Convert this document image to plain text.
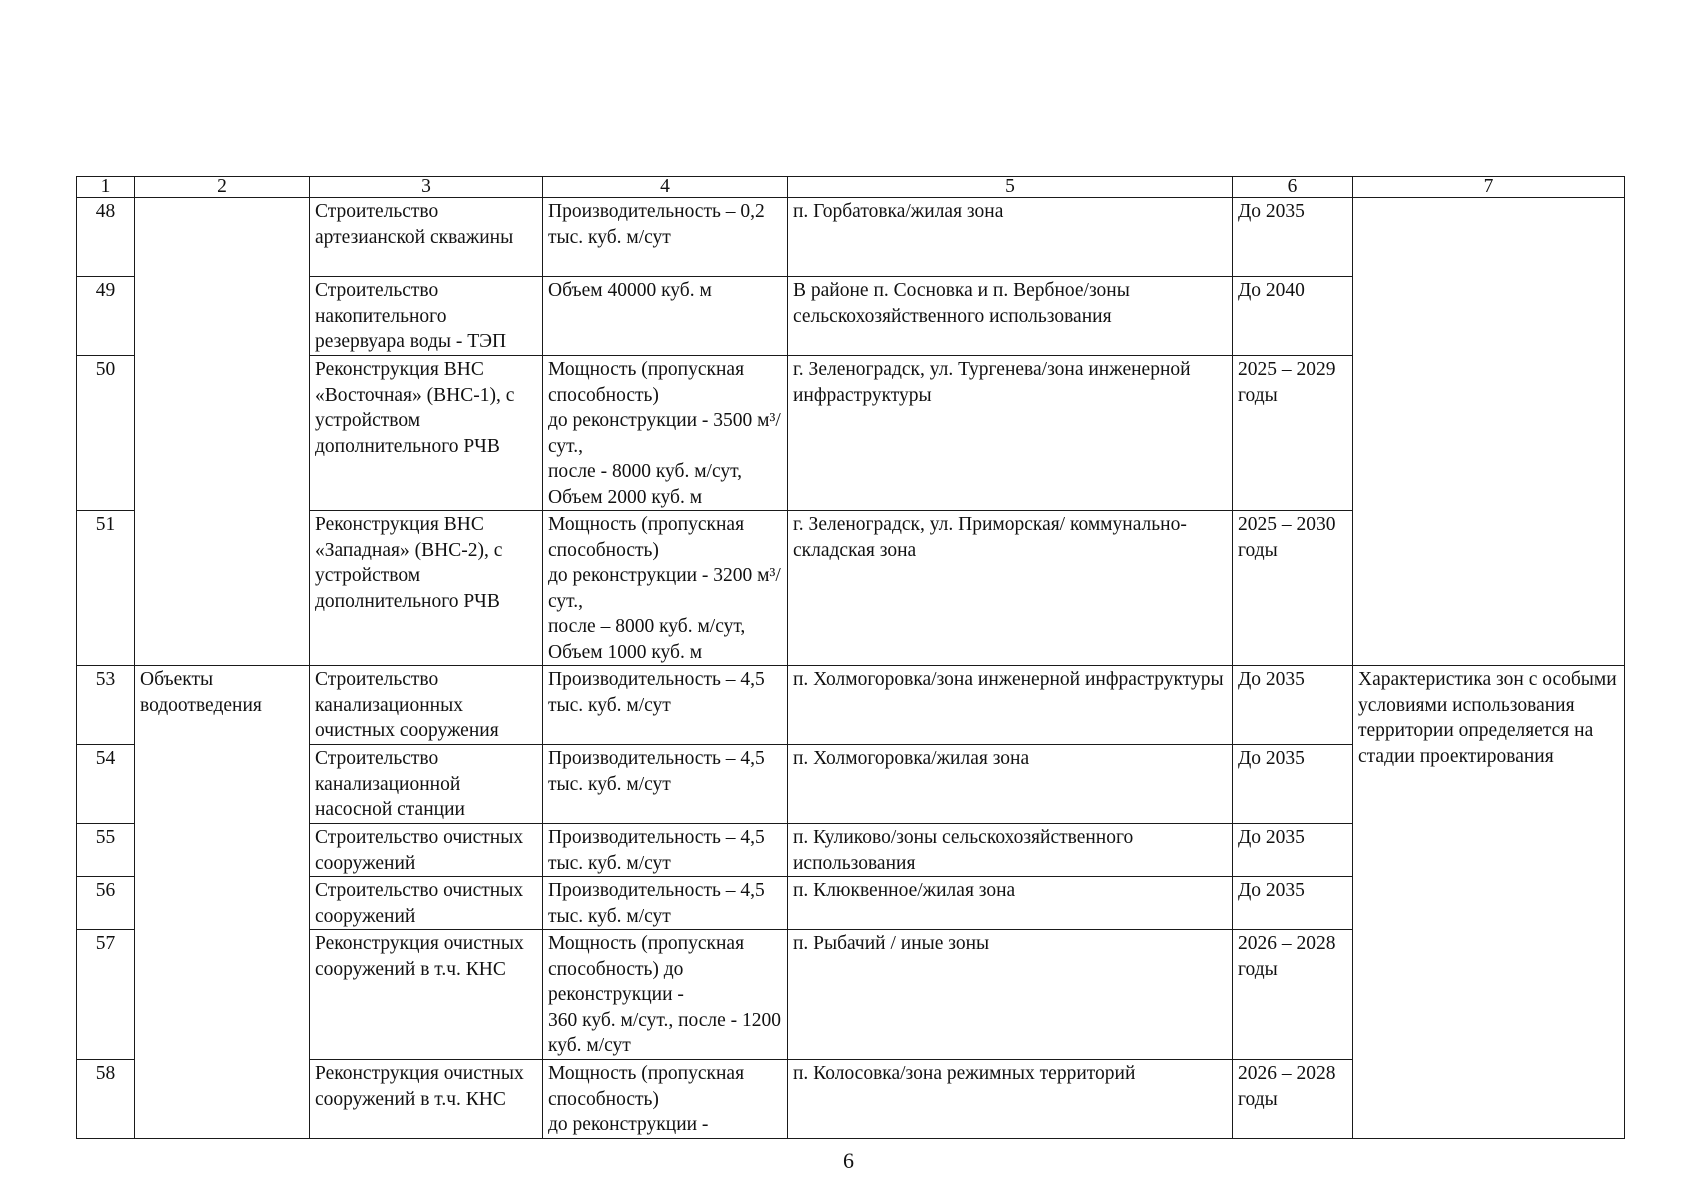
1	2	3	4	5	6	7
48		Строительство артезианской скважины	Производительность – 0,2 тыс. куб. м/сут	п. Горбатовка/жилая зона	До 2035	

49		Строительство накопительного резервуара воды - ТЭП	Объем 40000 куб. м	В районе п. Сосновка и п. Вербное/зоны сельскохозяйственного использования	До 2040	

50		Реконструкция ВНС «Восточная» (ВНС-1), с устройством дополнительного РЧВ	Мощность (пропускная способность)
до реконструкции - 3500 м³/сут.,
после - 8000 куб. м/сут,
Объем 2000 куб. м	г. Зеленоградск, ул. Тургенева/зона инженерной инфраструктуры	2025 – 2029 годы	

51		Реконструкция ВНС «Западная» (ВНС-2), с устройством дополнительного РЧВ	Мощность (пропускная способность)
до реконструкции - 3200 м³/сут.,
после – 8000 куб. м/сут,
Объем 1000 куб. м	г. Зеленоградск, ул. Приморская/ коммунально-складская зона	2025 – 2030 годы	

53	Объекты водоотведения	Строительство канализационных очистных сооружения	Производительность – 4,5 тыс. куб. м/сут	п. Холмогоровка/зона инженерной инфраструктуры	До 2035	Характеристика зон с особыми условиями использования территории определяется на стадии проектирования

54		Строительство канализационной насосной станции	Производительность – 4,5 тыс. куб. м/сут	п. Холмогоровка/жилая зона	До 2035	

55		Строительство очистных сооружений	Производительность – 4,5 тыс. куб. м/сут	п. Куликово/зоны сельскохозяйственного использования	До 2035	

56		Строительство очистных сооружений	Производительность – 4,5 тыс. куб. м/сут	п. Клюквенное/жилая зона	До 2035	

57		Реконструкция очистных сооружений в т.ч. КНС	Мощность (пропускная способность) до реконструкции -
360 куб. м/сут., после - 1200 куб. м/сут	п. Рыбачий / иные зоны	2026 – 2028 годы	

58		Реконструкция очистных сооружений в т.ч. КНС	Мощность (пропускная способность)
до реконструкции -	п. Колосовка/зона режимных территорий	2026 – 2028 годы	
6
